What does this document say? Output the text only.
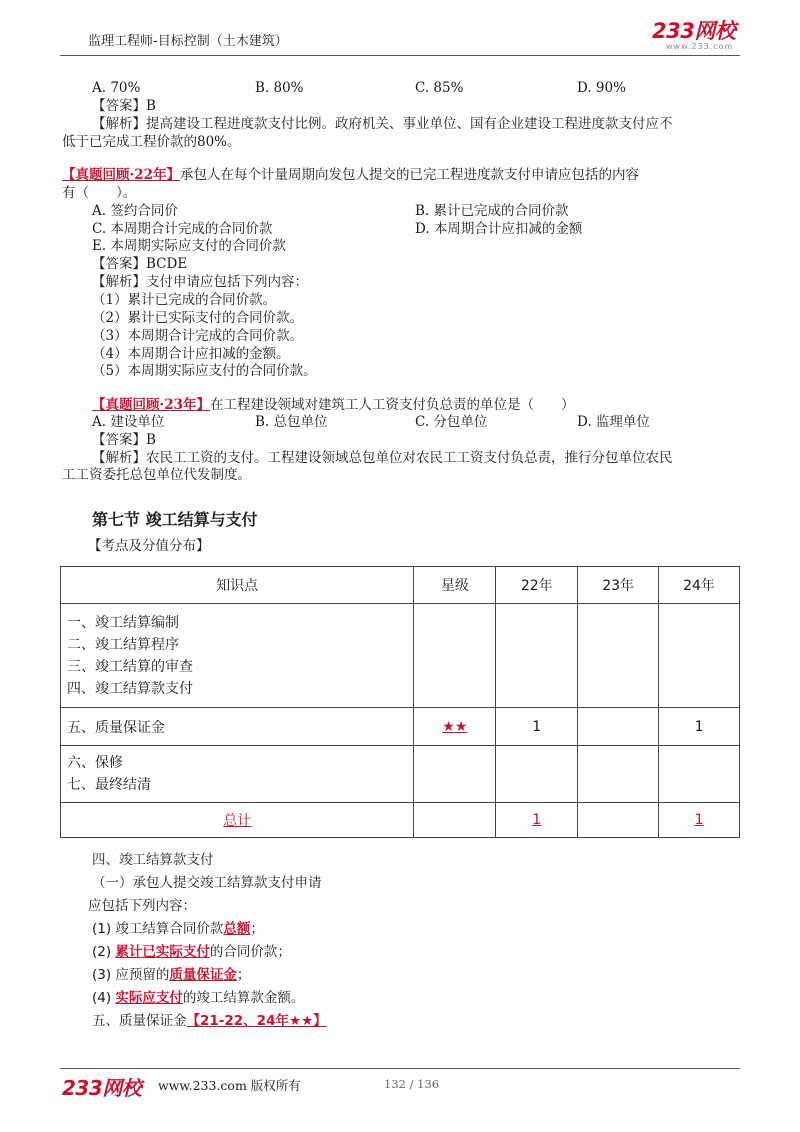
监理工程师-目标控制（土木建筑）	233网校
www.233.com
A. 70%	B. 80%	C. 85%	D. 90%
【答案】B
【解析】提高建设工程进度款支付比例。政府机关、事业单位、国有企业建设工程进度款支付应不
低于已完成工程价款的80%。
【真题回顾·22年】承包人在每个计量周期向发包人提交的已完工程进度款支付申请应包括的内容
有（　　）。
A. 签约合同价	B. 累计已完成的合同价款
C. 本周期合计完成的合同价款	D. 本周期合计应扣减的金额
E. 本周期实际应支付的合同价款
【答案】BCDE
【解析】支付申请应包括下列内容：
（1）累计已完成的合同价款。
（2）累计已实际支付的合同价款。
（3）本周期合计完成的合同价款。
（4）本周期合计应扣减的金额。
（5）本周期实际应支付的合同价款。
【真题回顾·23年】在工程建设领域对建筑工人工资支付负总责的单位是（　　）
A. 建设单位	B. 总包单位	C. 分包单位	D. 监理单位
【答案】B
【解析】农民工工资的支付。工程建设领域总包单位对农民工工资支付负总责，推行分包单位农民
工工资委托总包单位代发制度。
第七节 竣工结算与支付
【考点及分值分布】
知识点	星级	22年	23年	24年

一、竣工结算编制
二、竣工结算程序
三、竣工结算的审查
四、竣工结算款支付				

五、质量保证金	★★	1		1

六、保修
七、最终结清				

总计		1		1
四、竣工结算款支付
（一）承包人提交竣工结算款支付申请
应包括下列内容：
(1) 竣工结算合同价款总额；
(2) 累计已实际支付的合同价款；
(3) 应预留的质量保证金；
(4) 实际应支付的竣工结算款金额。
五、质量保证金【21-22、24年★★】
233网校 www.233.com 版权所有	132 / 136
